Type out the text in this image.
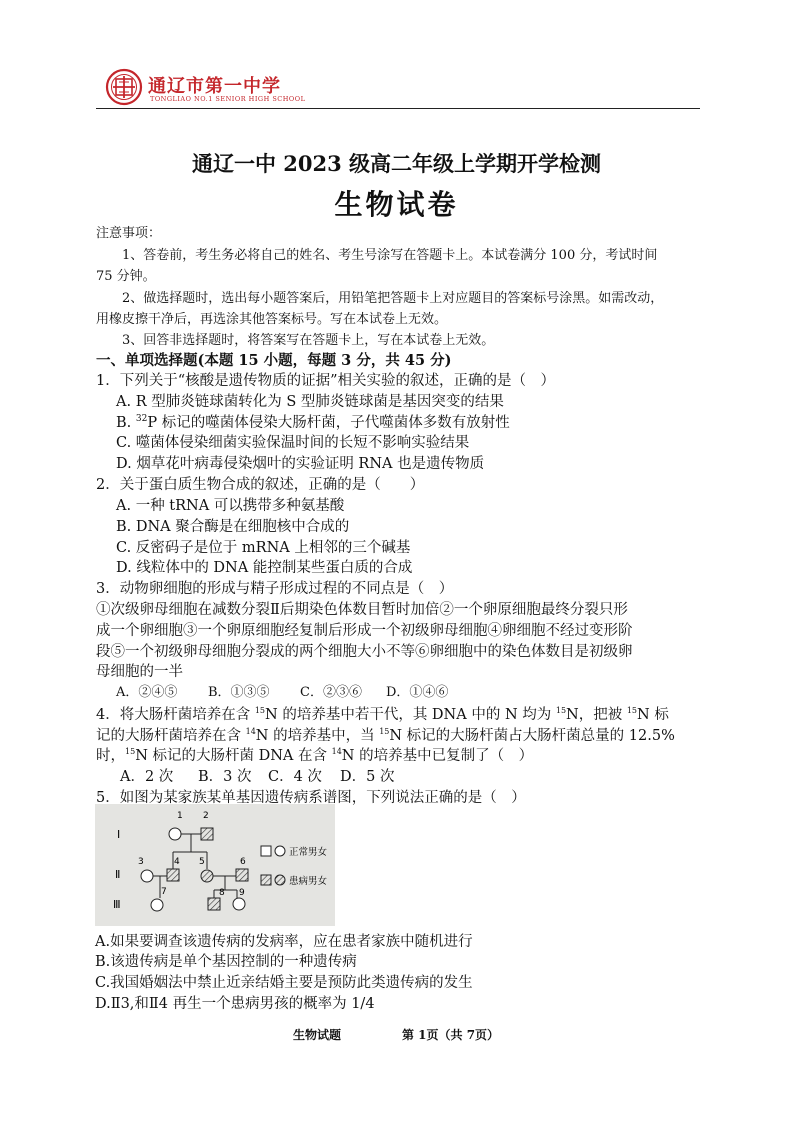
通辽市第一中学
TONGLIAO NO.1 SENIOR HIGH SCHOOL
通辽一中 2023 级高二年级上学期开学检测
生物试卷
注意事项：
1、答卷前，考生务必将自己的姓名、考生号涂写在答题卡上。本试卷满分 100 分，考试时间
75 分钟。
2、做选择题时，选出每小题答案后，用铅笔把答题卡上对应题目的答案标号涂黑。如需改动，
用橡皮擦干净后，再选涂其他答案标号。写在本试卷上无效。
3、回答非选择题时，将答案写在答题卡上，写在本试卷上无效。
一、单项选择题(本题 15 小题，每题 3 分，共 45 分)
1．下列关于“核酸是遗传物质的证据”相关实验的叙述，正确的是（　）
A. R 型肺炎链球菌转化为 S 型肺炎链球菌是基因突变的结果
B. $^{32}$P 标记的噬菌体侵染大肠杆菌，子代噬菌体多数有放射性
C. 噬菌体侵染细菌实验保温时间的长短不影响实验结果
D. 烟草花叶病毒侵染烟叶的实验证明 RNA 也是遗传物质
2．关于蛋白质生物合成的叙述，正确的是（　　）
A. 一种 tRNA 可以携带多种氨基酸
B. DNA 聚合酶是在细胞核中合成的
C. 反密码子是位于 mRNA 上相邻的三个碱基
D. 线粒体中的 DNA 能控制某些蛋白质的合成
3．动物卵细胞的形成与精子形成过程的不同点是（　）
①次级卵母细胞在减数分裂Ⅱ后期染色体数目暂时加倍②一个卵原细胞最终分裂只形
成一个卵细胞③一个卵原细胞经复制后形成一个初级卵母细胞④卵细胞不经过变形阶
段⑤一个初级卵母细胞分裂成的两个细胞大小不等⑥卵细胞中的染色体数目是初级卵
母细胞的一半
A．②④⑤ B．①③⑤ C．②③⑥ D．①④⑥
4．将大肠杆菌培养在含 $^{15}$N 的培养基中若干代，其 DNA 中的 N 均为 $^{15}$N，把被 $^{15}$N 标
记的大肠杆菌培养在含 $^{14}$N 的培养基中，当 $^{15}$N 标记的大肠杆菌占大肠杆菌总量的 12.5%
时，$^{15}$N 标记的大肠杆菌 DNA 在含 $^{14}$N 的培养基中已复制了（　）
A．2 次 B．3 次 C．4 次 D．5 次
5．如图为某家族某单基因遗传病系谱图，下列说法正确的是（　）
Ⅰ
Ⅱ
Ⅲ
1 2
3	4 5	6
7	8 9
正常男女
患病男女
A.如果要调查该遗传病的发病率，应在患者家族中随机进行
B.该遗传病是单个基因控制的一种遗传病
C.我国婚姻法中禁止近亲结婚主要是预防此类遗传病的发生
D.Ⅱ3,和Ⅱ4 再生一个患病男孩的概率为 1/4
生物试题	第 1页（共 7页）
